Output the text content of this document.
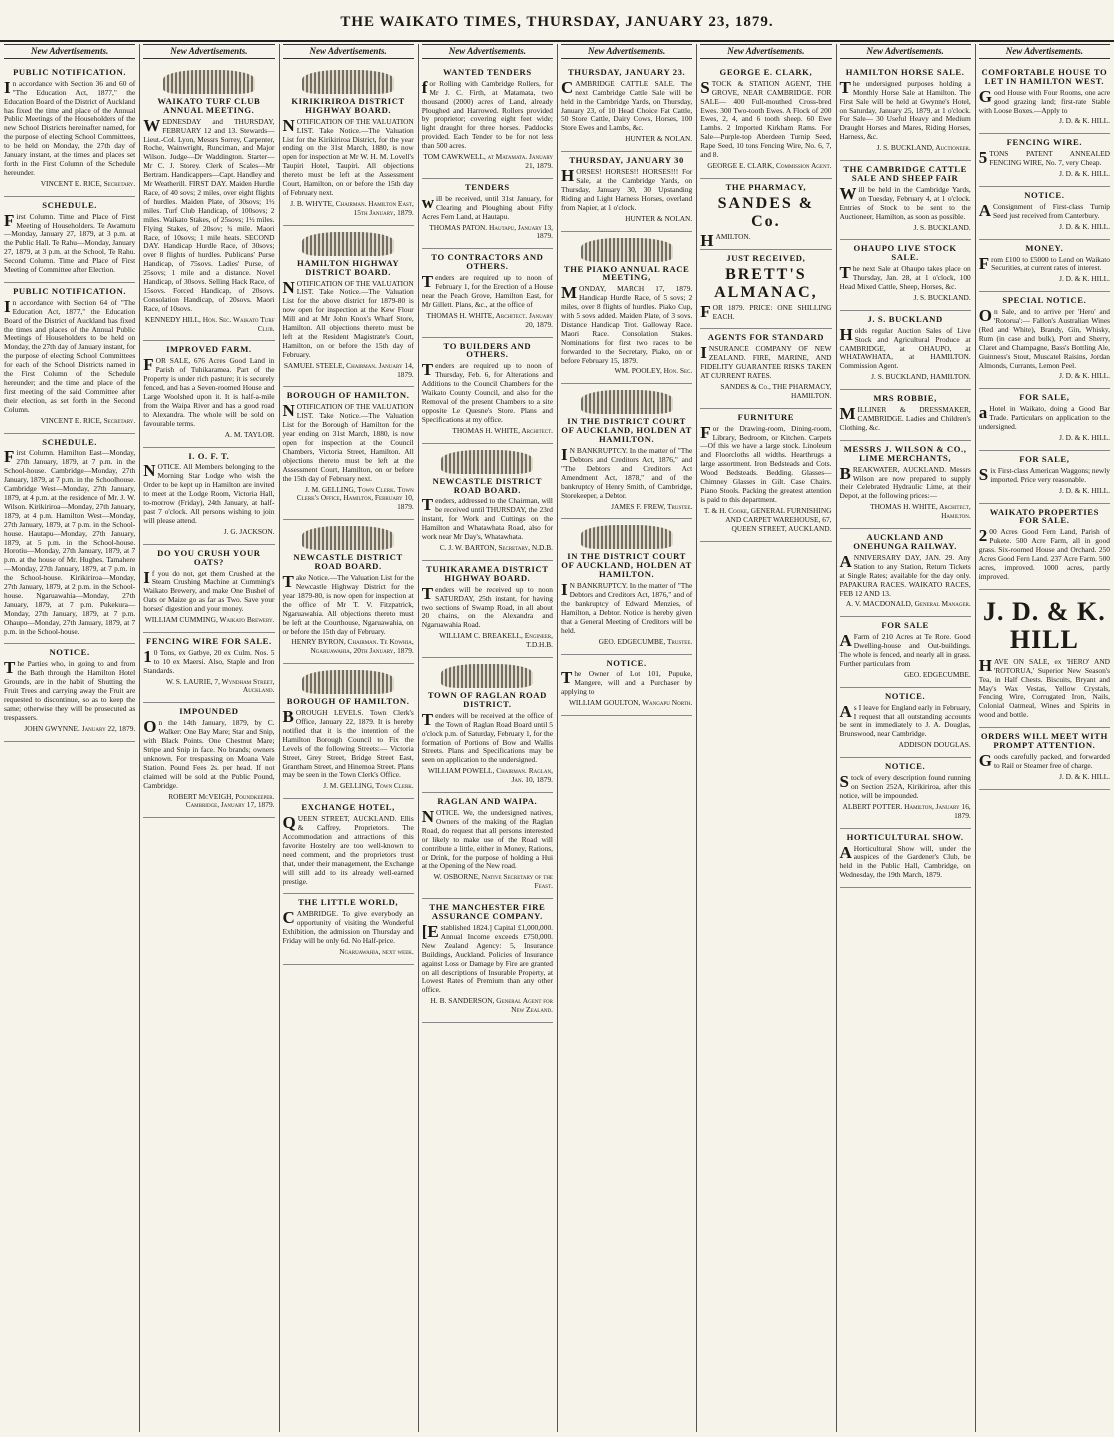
THE WAIKATO TIMES, THURSDAY, JANUARY 23, 1879.
New Advertisements.
PUBLIC NOTIFICATION.

In accordance with Section 36 and 60 of "The Education Act, 1877," the Education Board of the District of Auckland has fixed the time and place of the Annual Public Meetings of the Householders of the new School Districts hereinafter named, for the purpose of electing School Committees, to be held on Monday, the 27th day of January instant, at the times and places set forth in the First Column of the Schedule hereunder.

VINCENT E. RICE, Secretary.

SCHEDULE.

First Column. Time and Place of First Meeting of Householders. Te Awamutu—Monday, January 27, 1879, at 3 p.m. at the Public Hall. Te Rahu—Monday, January 27, 1879, at 3 p.m. at the School, Te Rahu. Second Column. Time and Place of First Meeting of Committee after Election.

PUBLIC NOTIFICATION.

In accordance with Section 64 of "The Education Act, 1877," the Education Board of the District of Auckland has fixed the times and places of the Annual Public Meetings of Householders to be held on Monday, the 27th day of January instant, for the purpose of electing School Committees for each of the School Districts named in the First Column of the Schedule hereunder; and the time and place of the first meeting of the said Committee after their election, as set forth in the Second Column.

VINCENT E. RICE, Secretary.

SCHEDULE.

First Column. Hamilton East—Monday, 27th January, 1879, at 7 p.m. in the School-house. Cambridge—Monday, 27th January, 1879, at 7 p.m. in the Schoolhouse. Cambridge West—Monday, 27th January, 1879, at 4 p.m. at the residence of Mr. J. W. Wilson. Kirikiriroa—Monday, 27th January, 1879, at 4 p.m. Hamilton West—Monday, 27th January, 1879, at 7 p.m. in the School-house. Hautapu—Monday, 27th January, 1879, at 5 p.m. in the School-house. Horotiu—Monday, 27th January, 1879, at 7 p.m. at the house of Mr. Hughes. Tamahere—Monday, 27th January, 1879, at 7 p.m. in the School-house. Kirikiriroa—Monday, 27th January, 1879, at 2 p.m. in the School-house. Ngaruawahia—Monday, 27th January, 1879, at 7 p.m. Pukekura—Monday, 27th January, 1879, at 7 p.m. Ohaupo—Monday, 27th January, 1879, at 7 p.m. in the School-house.

NOTICE.

The Parties who, in going to and from the Bath through the Hamilton Hotel Grounds, are in the habit of Shutting the Fruit Trees and carrying away the Fruit are requested to discontinue, so as to keep the same; otherwise they will be prosecuted as trespassers.

JOHN GWYNNE. January 22, 1879.

New Advertisements.
WAIKATO TURF CLUB ANNUAL MEETING.

WEDNESDAY and THURSDAY, FEBRUARY 12 and 13. Stewards—Lieut.-Col. Lyon, Messrs Sorrey, Carpenter, Roche, Wainwright, Runciman, and Major Wilson. Judge—Dr Waddington. Starter—Mr C. J. Storey. Clerk of Scales—Mr Bertram. Handicappers—Capt. Handley and Mr Weatherill. FIRST DAY. Maiden Hurdle Race, of 40 sovs; 2 miles, over eight flights of hurdles. Maiden Plate, of 30sovs; 1½ miles. Turf Club Handicap, of 100sovs; 2 miles. Waikato Stakes, of 25sovs; 1½ miles. Flying Stakes, of 20sov; ¾ mile. Maori Race, of 10sovs; 1 mile heats. SECOND DAY. Handicap Hurdle Race, of 30sovs; over 8 flights of hurdles. Publicans' Purse Handicap, of 75sovs. Ladies' Purse, of 25sovs; 1 mile and a distance. Novel Handicap, of 30sovs. Selling Hack Race, of 15sovs. Forced Handicap, of 20sovs. Consolation Handicap, of 20sovs. Maori Race, of 10sovs.

KENNEDY HILL, Hon. Sec. Waikato Turf Club.

IMPROVED FARM.

FOR SALE, 676 Acres Good Land in Parish of Tuhikaramea. Part of the Property is under rich pasture; it is securely fenced, and has a Seven-roomed House and Large Woolshed upon it. It is half-a-mile from the Waipa River and has a good road to Alexandra. The whole will be sold on favourable terms.

A. M. TAYLOR.

I. O. F. T.

NOTICE. All Members belonging to the Morning Star Lodge who wish the Order to be kept up in Hamilton are invited to meet at the Lodge Room, Victoria Hall, to-morrow (Friday), 24th January, at half-past 7 o'clock. All persons wishing to join will please attend.

J. G. JACKSON.

DO YOU CRUSH YOUR OATS?

If you do not, get them Crushed at the Steam Crushing Machine at Cumming's Waikato Brewery, and make One Bushel of Oats or Maize go as far as Two. Save your horses' digestion and your money.

WILLIAM CUMMING, Waikato Brewery.

FENCING WIRE FOR SALE.

10 Tons, ex Gatbye, 20 ex Culm. Nos. 5 to 10 ex Maersi. Also, Staple and Iron Standards.

W. S. LAURIE, 7, Wyndham Street, Auckland.

IMPOUNDED

On the 14th January, 1879, by C. Walker: One Bay Mare; Star and Snip, with Black Points. One Chestnut Mare; Stripe and Snip in face. No brands; owners unknown. For trespassing on Moana Vale Station. Pound Fees 2s. per head. If not claimed will be sold at the Public Pound, Cambridge.

ROBERT McVEIGH, Poundkeeper. Cambridge, January 17, 1879.

New Advertisements.
KIRIKIRIROA DISTRICT HIGHWAY BOARD.

NOTIFICATION OF THE VALUATION LIST. Take Notice.—The Valuation List for the Kirikiriroa District, for the year ending on the 31st March, 1880, is now open for inspection at Mr W. H. M. Lovell's Taupiri Hotel, Taupiri. All objections thereto must be left at the Assessment Court, Hamilton, on or before the 15th day of February next.

J. B. WHYTE, Chairman. Hamilton East, 15th January, 1879.

HAMILTON HIGHWAY DISTRICT BOARD.

NOTIFICATION OF THE VALUATION LIST. Take Notice.—The Valuation List for the above district for 1879-80 is now open for inspection at the Kew Flour Mill and at Mr John Knox's Wharf Store, Hamilton. All objections thereto must be left at the Resident Magistrate's Court, Hamilton, on or before the 15th day of February.

SAMUEL STEELE, Chairman. January 14, 1879.

BOROUGH OF HAMILTON.

NOTIFICATION OF THE VALUATION LIST. Take Notice.—The Valuation List for the Borough of Hamilton for the year ending on 31st March, 1880, is now open for inspection at the Council Chambers, Victoria Street, Hamilton. All objections thereto must be left at the Assessment Court, Hamilton, on or before the 15th day of February next.

J. M. GELLING, Town Clerk. Town Clerk's Office, Hamilton, February 10, 1879.

NEWCASTLE DISTRICT ROAD BOARD.

Take Notice.—The Valuation List for the Newcastle Highway District for the year 1879-80, is now open for inspection at the office of Mr T. V. Fitzpatrick, Ngaruawahia. All objections thereto must be left at the Courthouse, Ngaruawahia, on or before the 15th day of February.

HENRY BYRON, Chairman. Te Kowhia, Ngaruawahia, 20th January, 1879.

BOROUGH OF HAMILTON.

BOROUGH LEVELS. Town Clerk's Office, January 22, 1879. It is hereby notified that it is the intention of the Hamilton Borough Council to Fix the Levels of the following Streets:— Victoria Street, Grey Street, Bridge Street East, Grantham Street, and Hinemoa Street. Plans may be seen in the Town Clerk's Office.

J. M. GELLING, Town Clerk.

EXCHANGE HOTEL,

QUEEN STREET, AUCKLAND. Ellis & Caffrey, Proprietors. The Accommodation and attractions of this favorite Hostelry are too well-known to need comment, and the proprietors trust that, under their management, the Exchange will still add to its already well-earned prestige.

THE LITTLE WORLD,

CAMBRIDGE. To give everybody an opportunity of visiting the Wonderful Exhibition, the admission on Thursday and Friday will be only 6d. No Half-price.

Ngaruawahia, next week.

New Advertisements.
WANTED TENDERS

for Rolling with Cambridge Rollers, for Mr J. C. Firth, at Matamata, two thousand (2000) acres of Land, already Ploughed and Harrowed. Rollers provided by proprietor; covering eight feet wide; light draught for three horses. Paddocks provided. Each Tender to be for not less than 500 acres.

TOM CAWKWELL, at Matamata. January 21, 1879.

TENDERS

will be received, until 31st January, for Clearing and Ploughing about Fifty Acres Fern Land, at Hautapu.

THOMAS PATON. Hautapu, January 13, 1879.

TO CONTRACTORS AND OTHERS.

Tenders are required up to noon of February 1, for the Erection of a House near the Peach Grove, Hamilton East, for Mr Gillett. Plans, &c., at the office of

THOMAS H. WHITE, Architect. January 20, 1879.

TO BUILDERS AND OTHERS.

Tenders are required up to noon of Thursday, Feb. 6, for Alterations and Additions to the Council Chambers for the Waikato County Council, and also for the Removal of the present Chambers to a site opposite Le Quesne's Store. Plans and Specifications at my office.

THOMAS H. WHITE, Architect.

NEWCASTLE DISTRICT ROAD BOARD.

Tenders, addressed to the Chairman, will be received until THURSDAY, the 23rd instant, for Work and Cuttings on the Hamilton and Whatawhata Road, also for work near Mr Day's, Whatawhata.

C. J. W. BARTON, Secretary, N.D.B.

TUHIKARAMEA DISTRICT HIGHWAY BOARD.

Tenders will be received up to noon SATURDAY, 25th instant, for having two sections of Swamp Road, in all about 20 chains, on the Alexandra and Ngaruawahia Road.

WILLIAM C. BREAKELL, Engineer, T.D.H.B.

TOWN OF RAGLAN ROAD DISTRICT.

Tenders will be received at the office of the Town of Raglan Road Board until 5 o'clock p.m. of Saturday, February 1, for the formation of Portions of Bow and Wallis Streets. Plans and Specifications may be seen on application to the undersigned.

WILLIAM POWELL, Chairman. Raglan, Jan. 10, 1879.

RAGLAN AND WAIPA.

NOTICE. We, the undersigned natives, Owners of the making of the Raglan Road, do request that all persons interested or likely to make use of the Road will contribute a little, either in Money, Rations, or Drink, for the purpose of holding a Hui at the Opening of the New road.

W. OSBORNE, Native Secretary of the Feast.

THE MANCHESTER FIRE ASSURANCE COMPANY.

[Established 1824.] Capital £1,000,000. Annual Income exceeds £750,000. New Zealand Agency: 5, Insurance Buildings, Auckland. Policies of Insurance against Loss or Damage by Fire are granted on all descriptions of Insurable Property, at Lowest Rates of Premium than any other office.

H. B. SANDERSON, General Agent for New Zealand.

New Advertisements.
THURSDAY, JANUARY 23.

CAMBRIDGE CATTLE SALE. The next Cambridge Cattle Sale will be held in the Cambridge Yards, on Thursday, January 23, of 10 Head Choice Fat Cattle, 50 Store Cattle, Dairy Cows, Horses, 100 Store Ewes and Lambs, &c.

HUNTER & NOLAN.

THURSDAY, JANUARY 30

HORSES! HORSES!! HORSES!!! For Sale, at the Cambridge Yards, on Thursday, January 30, 30 Upstanding Riding and Light Harness Horses, overland from Napier, at 1 o'clock.

HUNTER & NOLAN.

THE PIAKO ANNUAL RACE MEETING,

MONDAY, MARCH 17, 1879. Handicap Hurdle Race, of 5 sovs; 2 miles, over 8 flights of hurdles. Piako Cup, with 5 sovs added. Maiden Plate, of 3 sovs. Distance Handicap Trot. Galloway Race. Maori Race. Consolation Stakes. Nominations for first two races to be forwarded to the Secretary, Piako, on or before February 15, 1879.

WM. POOLEY, Hon. Sec.

IN THE DISTRICT COURT OF AUCKLAND, HOLDEN AT HAMILTON.

IN BANKRUPTCY. In the matter of "The Debtors and Creditors Act, 1876," and "The Debtors and Creditors Act Amendment Act, 1878," and of the bankruptcy of Henry Smith, of Cambridge, Storekeeper, a Debtor.

JAMES F. FREW, Trustee.

IN THE DISTRICT COURT OF AUCKLAND, HOLDEN AT HAMILTON.

IN BANKRUPTCY. In the matter of "The Debtors and Creditors Act, 1876," and of the bankruptcy of Edward Menzies, of Hamilton, a Debtor. Notice is hereby given that a General Meeting of Creditors will be held.

GEO. EDGECUMBE, Trustee.

NOTICE.

The Owner of Lot 101, Pupuke, Mangere, will and a Purchaser by applying to

WILLIAM GOULTON, Wangapu North.

New Advertisements.
GEORGE E. CLARK,

STOCK & STATION AGENT, THE GROVE, NEAR CAMBRIDGE. FOR SALE— 400 Full-mouthed Cross-bred Ewes. 300 Two-tooth Ewes. A Flock of 200 Ewes, 2, 4, and 6 tooth sheep. 60 Ewe Lambs. 2 Imported Kirkham Rams. For Sale—Purple-top Aberdeen Turnip Seed, Rape Seed, 10 tons Fencing Wire, No. 6, 7, and 8.

GEORGE E. CLARK, Commission Agent.

THE PHARMACY,
SANDES & Co.

HAMILTON.

JUST RECEIVED,
BRETT'S ALMANAC,

FOR 1879. PRICE: ONE SHILLING EACH.

AGENTS FOR STANDARD

INSURANCE COMPANY OF NEW ZEALAND. FIRE, MARINE, AND FIDELITY GUARANTEE RISKS TAKEN AT CURRENT RATES.

SANDES & Co., THE PHARMACY, HAMILTON.

FURNITURE

For the Drawing-room, Dining-room, Library, Bedroom, or Kitchen. Carpets—Of this we have a large stock. Linoleum and Floorcloths all widths. Hearthrugs a large assortment. Iron Bedsteads and Cots. Wood Bedsteads. Bedding. Glasses—Chimney Glasses in Gilt. Case Chairs. Piano Stools. Packing the greatest attention is paid to this department.

T. & H. Cooke, GENERAL FURNISHING AND CARPET WAREHOUSE, 67, QUEEN STREET, AUCKLAND.

New Advertisements.
HAMILTON HORSE SALE.

The undersigned purposes holding a Monthly Horse Sale at Hamilton. The First Sale will be held at Gwynne's Hotel, on Saturday, January 25, 1879, at 1 o'clock. For Sale— 30 Useful Heavy and Medium Draught Horses and Mares, Riding Horses, Harness, &c.

J. S. BUCKLAND, Auctioneer.

THE CAMBRIDGE CATTLE SALE AND SHEEP FAIR

Will be held in the Cambridge Yards, on Tuesday, February 4, at 1 o'clock. Entries of Stock to be sent to the Auctioneer, Hamilton, as soon as possible.

J. S. BUCKLAND.

OHAUPO LIVE STOCK SALE.

The next Sale at Ohaupo takes place on Thursday, Jan. 28, at 1 o'clock, 100 Head Mixed Cattle, Sheep, Horses, &c.

J. S. BUCKLAND.

J. S. BUCKLAND

Holds regular Auction Sales of Live Stock and Agricultural Produce at CAMBRIDGE, at OHAUPO, at WHATAWHATA, at HAMILTON. Commission Agent.

J. S. BUCKLAND, HAMILTON.

MRS ROBBIE,

MILLINER & DRESSMAKER, CAMBRIDGE. Ladies and Children's Clothing, &c.

MESSRS J. WILSON & CO., LIME MERCHANTS,

BREAKWATER, AUCKLAND. Messrs Wilson are now prepared to supply their Celebrated Hydraulic Lime, at their Depot, at the following prices:—

THOMAS H. WHITE, Architect, Hamilton.

AUCKLAND AND ONEHUNGA RAILWAY.

ANNIVERSARY DAY, JAN. 29. Any Station to any Station, Return Tickets at Single Rates; available for the day only. PAPAKURA RACES. WAIKATO RACES, FEB 12 AND 13.

A. V. MACDONALD, General Manager.

FOR SALE

AFarm of 210 Acres at Te Rore. Good Dwelling-house and Out-buildings. The whole is fenced, and nearly all in grass. Further particulars from

GEO. EDGECUMBE.

NOTICE.

As I leave for England early in February, I request that all outstanding accounts be sent in immediately to J. A. Douglas, Brunswood, near Cambridge.

ADDISON DOUGLAS.

NOTICE.

Stock of every description found running on Section 252A, Kirikiriroa, after this notice, will be impounded.

ALBERT POTTER. Hamilton, January 16, 1879.

HORTICULTURAL SHOW.

AHorticultural Show will, under the auspices of the Gardener's Club, be held in the Public Hall, Cambridge, on Wednesday, the 19th March, 1879.

New Advertisements.
COMFORTABLE HOUSE TO LET IN HAMILTON WEST.

Good House with Four Rooms, one acre good grazing land; first-rate Stable with Loose Boxes.—Apply to

J. D. & K. HILL.

FENCING WIRE.

5TONS PATENT ANNEALED FENCING WIRE, No. 7, very Cheap.

J. D. & K. HILL.

NOTICE.

AConsignment of First-class Turnip Seed just received from Canterbury.

J. D. & K. HILL.

MONEY.

From £100 to £5000 to Lend on Waikato Securities, at current rates of interest.

J. D. & K. HILL.

SPECIAL NOTICE.

On Sale, and to arrive per 'Hero' and 'Rotorua':— Fallon's Australian Wines (Red and White), Brandy, Gin, Whisky, Rum (in case and bulk), Port and Sherry, Claret and Champagne, Bass's Bottling Ale, Guinness's Stout, Muscatel Raisins, Jordan Almonds, Currants, Lemon Peel.

J. D. & K. HILL.

FOR SALE,

aHotel in Waikato, doing a Good Bar Trade. Particulars on application to the undersigned.

J. D. & K. HILL.

FOR SALE,

Six First-class American Waggons; newly imported. Price very reasonable.

J. D. & K. HILL.

WAIKATO PROPERTIES FOR SALE.

200 Acres Good Fern Land, Parish of Pukete. 500 Acre Farm, all in good grass. Six-roomed House and Orchard. 250 Acres Good Fern Land. 237 Acre Farm. 500 acres, improved. 1000 acres, partly improved.

J. D. & K. HILL

HAVE ON SALE, ex 'HERO' AND 'ROTORUA,' Superior New Season's Tea, in Half Chests. Biscuits, Bryant and May's Wax Vestas, Yellow Crystals, Fencing Wire, Corrugated Iron, Nails, Colonial Oatmeal, Wines and Spirits in wood and bottle.

ORDERS WILL MEET WITH PROMPT ATTENTION.

Goods carefully packed, and forwarded to Rail or Steamer free of charge.

J. D. & K. HILL.
